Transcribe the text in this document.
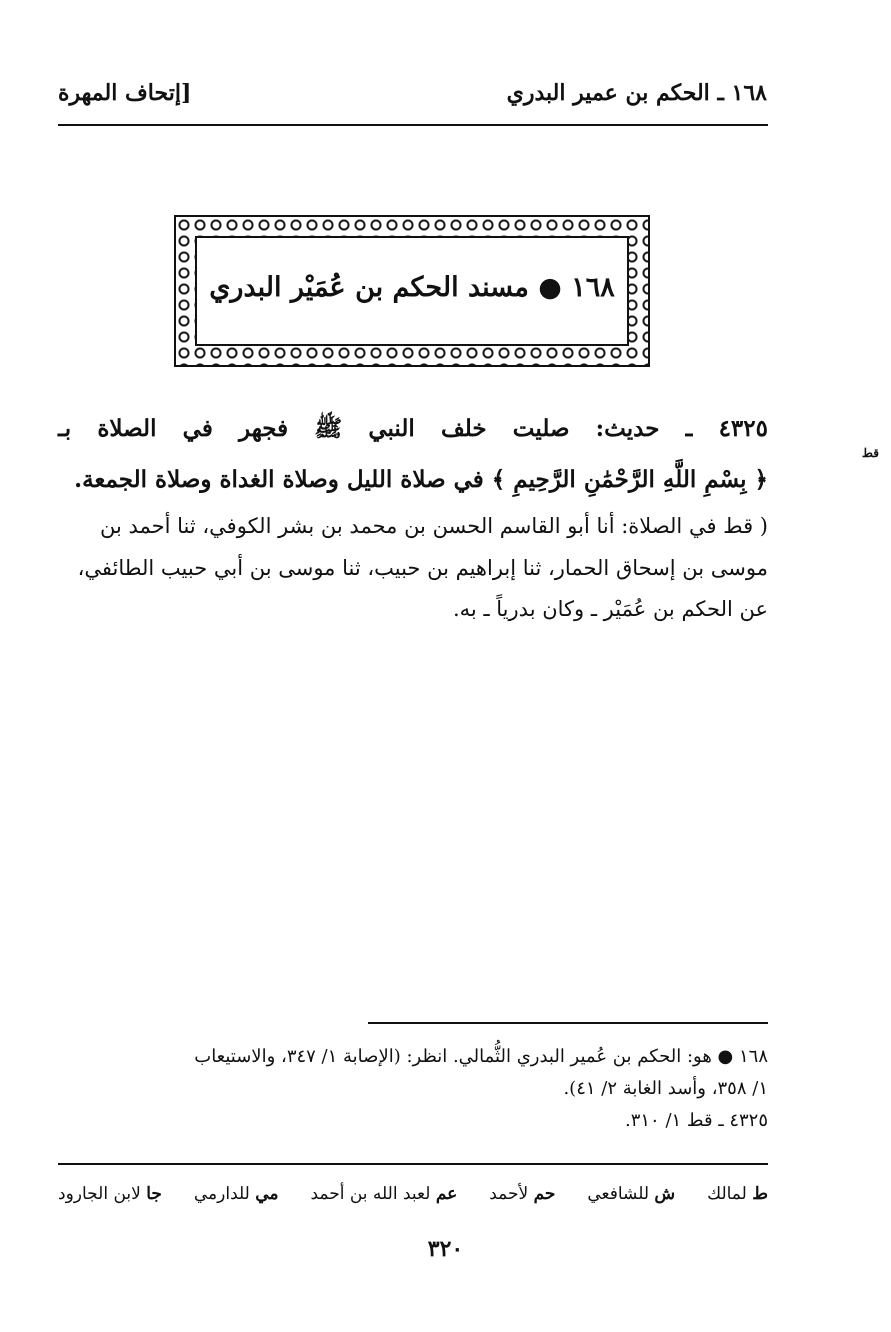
١٦٨ ـ الحكم بن عمير البدري
[إتحاف المهرة
١٦٨ ● مسند الحكم بن عُمَيْر البدري
٤٣٢٥ ـ حديث: صليت خلف النبي ﷺ فجهر في الصلاة بـ
قط
﴿ بِسْمِ اللَّهِ الرَّحْمَٰنِ الرَّحِيمِ ﴾ في صلاة الليل وصلاة الغداة وصلاة الجمعة.
( قط في الصلاة: أنا أبو القاسم الحسن بن محمد بن بشر الكوفي، ثنا أحمد بن
موسى بن إسحاق الحمار، ثنا إبراهيم بن حبيب، ثنا موسى بن أبي حبيب الطائفي،
عن الحكم بن عُمَيْر ـ وكان بدرياً ـ به.
١٦٨ ● هو: الحكم بن عُمير البدري الثُّمالي. انظر: (الإصابة ١/ ٣٤٧، والاستيعاب
١/ ٣٥٨، وأسد الغابة ٢/ ٤١).
٤٣٢٥ ـ قط ١/ ٣١٠.
ط لمالك
ش للشافعي
حم لأحمد
عم لعبد الله بن أحمد
مي للدارمي
جا لابن الجارود
٣٢٠
